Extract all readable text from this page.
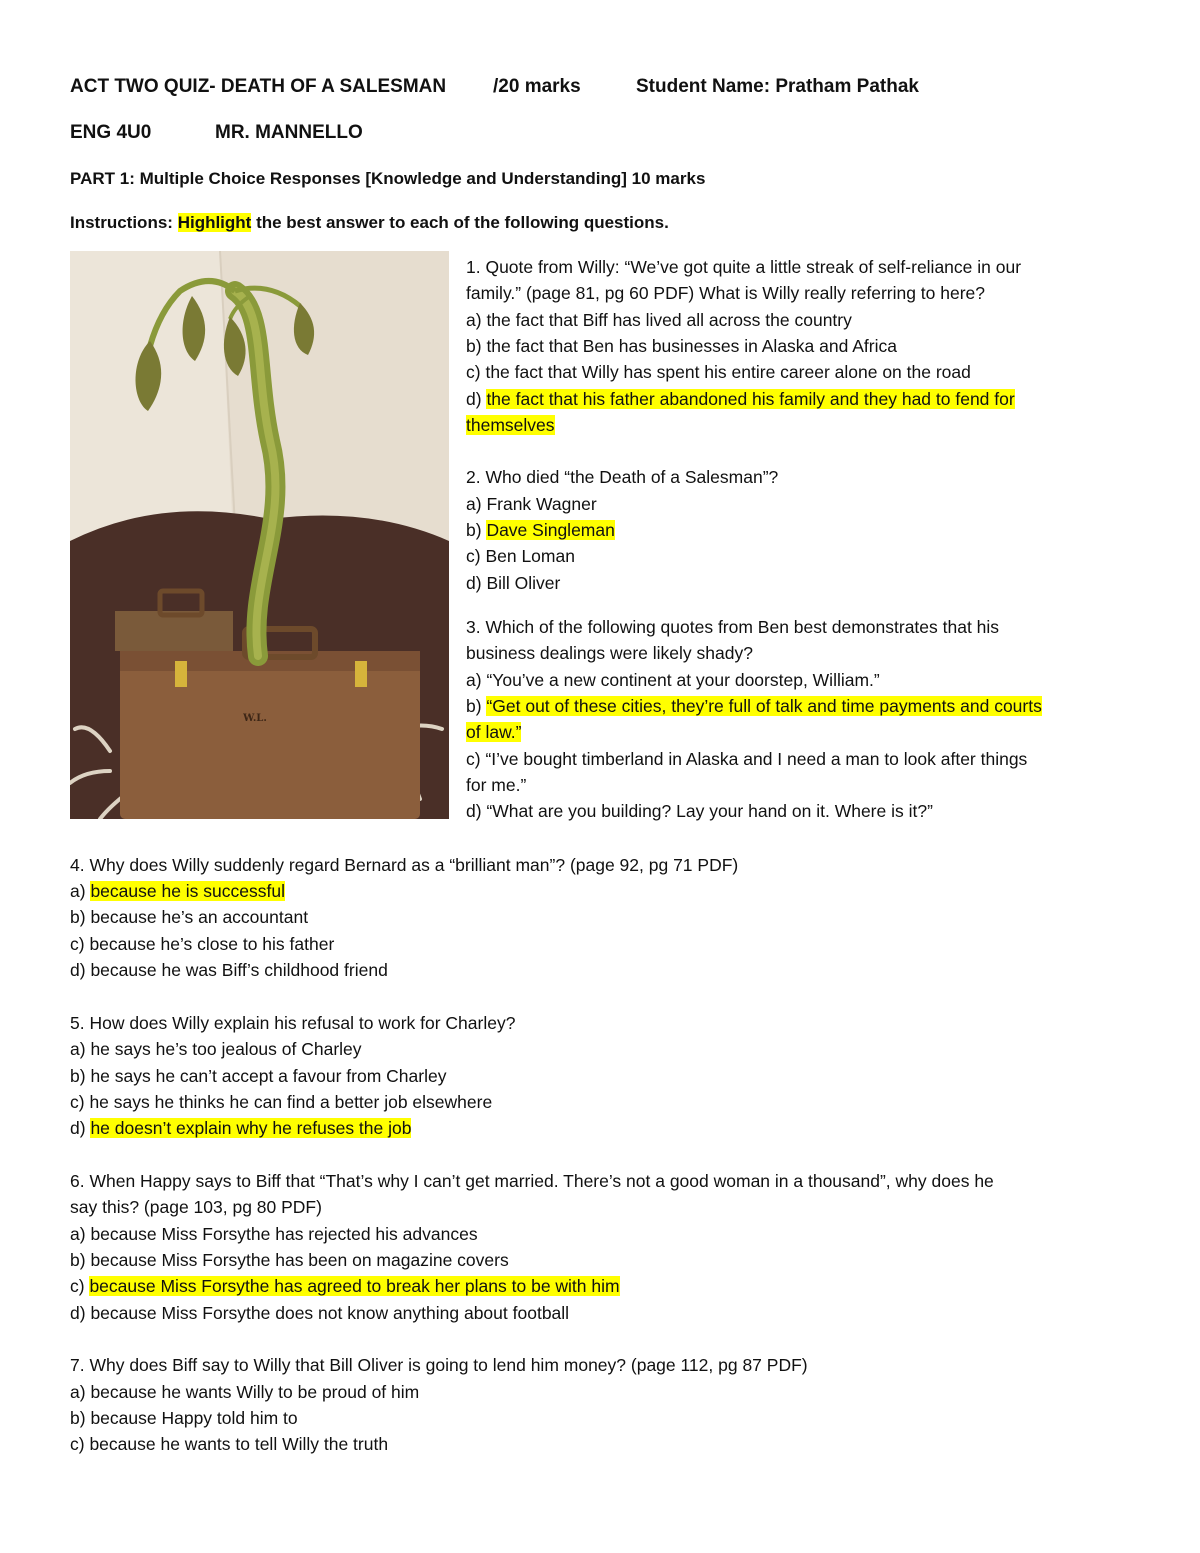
ACT TWO QUIZ- DEATH OF A SALESMAN /20 marks	Student Name: Pratham Pathak
ENG 4U0	MR. MANNELLO
PART 1: Multiple Choice Responses [Knowledge and Understanding] 10 marks
Instructions: Highlight the best answer to each of the following questions.
W.L.
1. Quote from Willy: “We’ve got quite a little streak of self-reliance in our
family.” (page 81, pg 60 PDF) What is Willy really referring to here?
a) the fact that Biff has lived all across the country
b) the fact that Ben has businesses in Alaska and Africa
c) the fact that Willy has spent his entire career alone on the road
d) the fact that his father abandoned his family and they had to fend for
themselves
2. Who died “the Death of a Salesman”?
a) Frank Wagner
b) Dave Singleman
c) Ben Loman
d) Bill Oliver
3. Which of the following quotes from Ben best demonstrates that his
business dealings were likely shady?
a) “You’ve a new continent at your doorstep, William.”
b) “Get out of these cities, they’re full of talk and time payments and courts
of law.”
c) “I’ve bought timberland in Alaska and I need a man to look after things
for me.”
d) “What are you building? Lay your hand on it. Where is it?”
4. Why does Willy suddenly regard Bernard as a “brilliant man”? (page 92, pg 71 PDF)
a) because he is successful
b) because he’s an accountant
c) because he’s close to his father
d) because he was Biff’s childhood friend
5. How does Willy explain his refusal to work for Charley?
a) he says he’s too jealous of Charley
b) he says he can’t accept a favour from Charley
c) he says he thinks he can find a better job elsewhere
d) he doesn’t explain why he refuses the job
6. When Happy says to Biff that “That’s why I can’t get married. There’s not a good woman in a thousand”, why does he
say this? (page 103, pg 80 PDF)
a) because Miss Forsythe has rejected his advances
b) because Miss Forsythe has been on magazine covers
c) because Miss Forsythe has agreed to break her plans to be with him
d) because Miss Forsythe does not know anything about football
7. Why does Biff say to Willy that Bill Oliver is going to lend him money? (page 112, pg 87 PDF)
a) because he wants Willy to be proud of him
b) because Happy told him to
c) because he wants to tell Willy the truth
